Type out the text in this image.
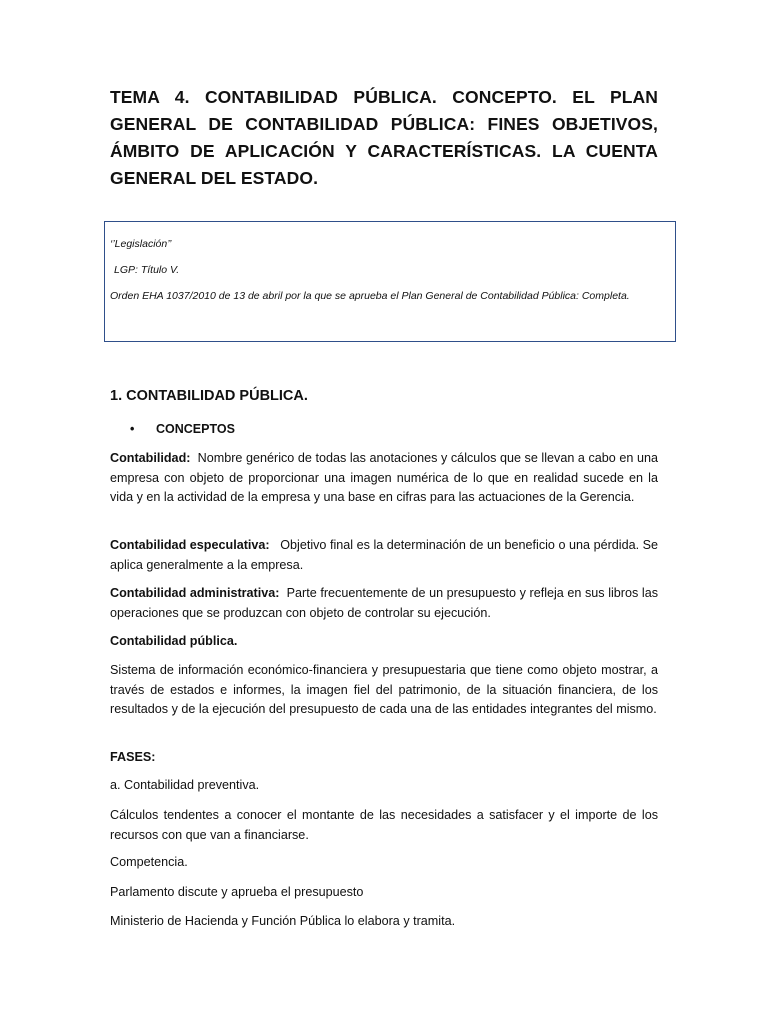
TEMA 4. CONTABILIDAD PÚBLICA. CONCEPTO. EL PLAN GENERAL DE CONTABILIDAD PÚBLICA: FINES OBJETIVOS, ÁMBITO DE APLICACIÓN Y CARACTERÍSTICAS. LA CUENTA GENERAL DEL ESTADO.

‘’Legislación’’

LGP: Título V.

Orden EHA 1037/2010 de 13 de abril por la que se aprueba el Plan General de Contabilidad Pública: Completa.

1. CONTABILIDAD PÚBLICA.
• CONCEPTOS

Contabilidad: Nombre genérico de todas las anotaciones y cálculos que se llevan a cabo en una empresa con objeto de proporcionar una imagen numérica de lo que en realidad sucede en la vida y en la actividad de la empresa y una base en cifras para las actuaciones de la Gerencia.

Contabilidad especulativa: Objetivo final es la determinación de un beneficio o una pérdida. Se aplica generalmente a la empresa.

Contabilidad administrativa: Parte frecuentemente de un presupuesto y refleja en sus libros las operaciones que se produzcan con objeto de controlar su ejecución.

Contabilidad pública.

Sistema de información económico-financiera y presupuestaria que tiene como objeto mostrar, a través de estados e informes, la imagen fiel del patrimonio, de la situación financiera, de los resultados y de la ejecución del presupuesto de cada una de las entidades integrantes del mismo.

FASES:

a. Contabilidad preventiva.

Cálculos tendentes a conocer el montante de las necesidades a satisfacer y el importe de los recursos con que van a financiarse.

Competencia.

Parlamento discute y aprueba el presupuesto

Ministerio de Hacienda y Función Pública lo elabora y tramita.
